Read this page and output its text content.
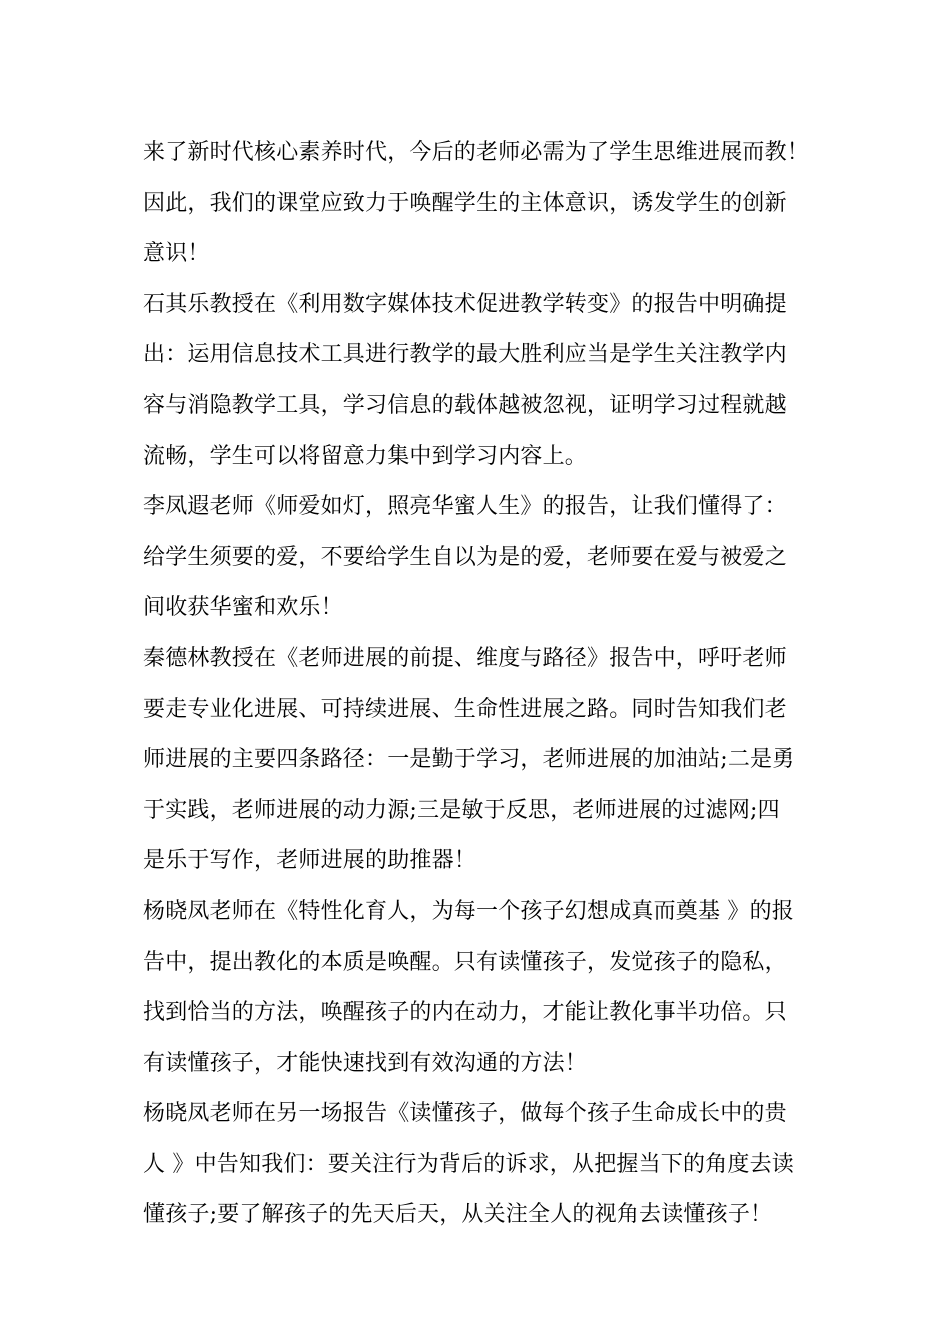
来了新时代核心素养时代，今后的老师必需为了学生思维进展而教！
因此，我们的课堂应致力于唤醒学生的主体意识，诱发学生的创新
意识！
石其乐教授在《利用数字媒体技术促进教学转变》的报告中明确提
出：运用信息技术工具进行教学的最大胜利应当是学生关注教学内
容与消隐教学工具，学习信息的载体越被忽视，证明学习过程就越
流畅，学生可以将留意力集中到学习内容上。
李凤遐老师《师爱如灯，照亮华蜜人生》的报告，让我们懂得了：
给学生须要的爱，不要给学生自以为是的爱，老师要在爱与被爱之
间收获华蜜和欢乐！
秦德林教授在《老师进展的前提、维度与路径》报告中，呼吁老师
要走专业化进展、可持续进展、生命性进展之路。同时告知我们老
师进展的主要四条路径：一是勤于学习，老师进展的加油站;二是勇
于实践，老师进展的动力源;三是敏于反思，老师进展的过滤网;四
是乐于写作，老师进展的助推器！
杨晓凤老师在《特性化育人，为每一个孩子幻想成真而奠基 》的报
告中，提出教化的本质是唤醒。只有读懂孩子，发觉孩子的隐私，
找到恰当的方法，唤醒孩子的内在动力，才能让教化事半功倍。只
有读懂孩子，才能快速找到有效沟通的方法！
杨晓凤老师在另一场报告《读懂孩子，做每个孩子生命成长中的贵
人 》中告知我们：要关注行为背后的诉求，从把握当下的角度去读
懂孩子;要了解孩子的先天后天，从关注全人的视角去读懂孩子！
